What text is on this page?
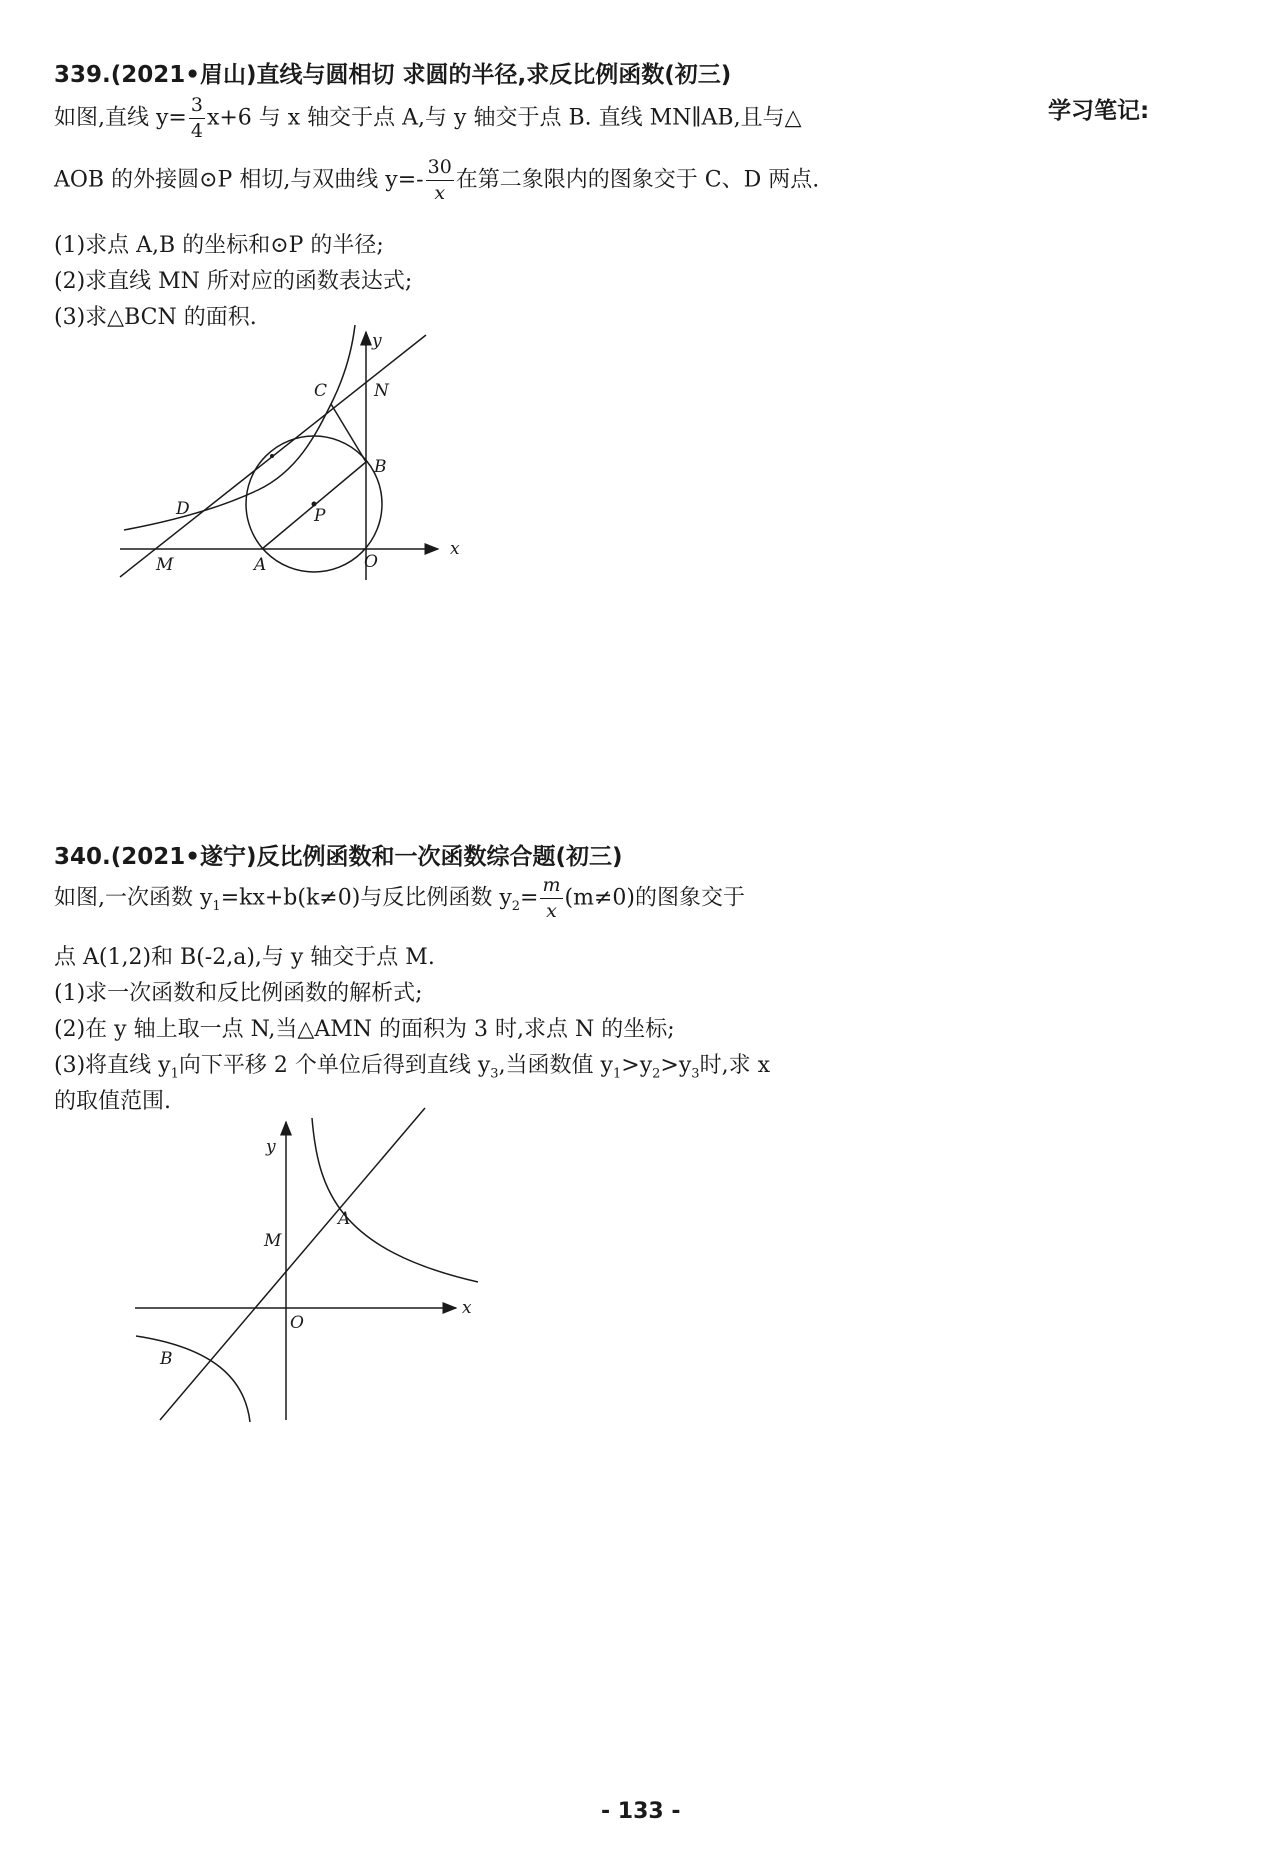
学习笔记:
339.(2021•眉山)直线与圆相切 求圆的半径,求反比例函数(初三)
如图,直线 $y= \frac{3}{4} x+6$ 与 x 轴交于点 A,与 y 轴交于点 B. 直线 MN∥AB,且与△
AOB 的外接圆⊙P 相切,与双曲线 $y=- \frac{30}{x}$ 在第二象限内的图象交于 C、D 两点.
(1)求点 A,B 的坐标和⊙P 的半径;
(2)求直线 MN 所对应的函数表达式;
(3)求△BCN 的面积.
y
x
C	N
B
D	P
M	A	O
340.(2021•遂宁)反比例函数和一次函数综合题(初三)
如图,一次函数 $y_1=kx+b(k\ne 0)$与反比例函数 $y_2= \frac{m}{x} (m\ne 0)$的图象交于
点 A(1,2)和 B(-2,a),与 y 轴交于点 M.
(1)求一次函数和反比例函数的解析式;
(2)在 y 轴上取一点 N,当△AMN 的面积为 3 时,求点 N 的坐标;
(3)将直线 $y_1$向下平移 2 个单位后得到直线 $y_3$,当函数值 $y_1>y_2>y_3$时,求 x
的取值范围.
y
x
A
M
O
B
- 133 -
